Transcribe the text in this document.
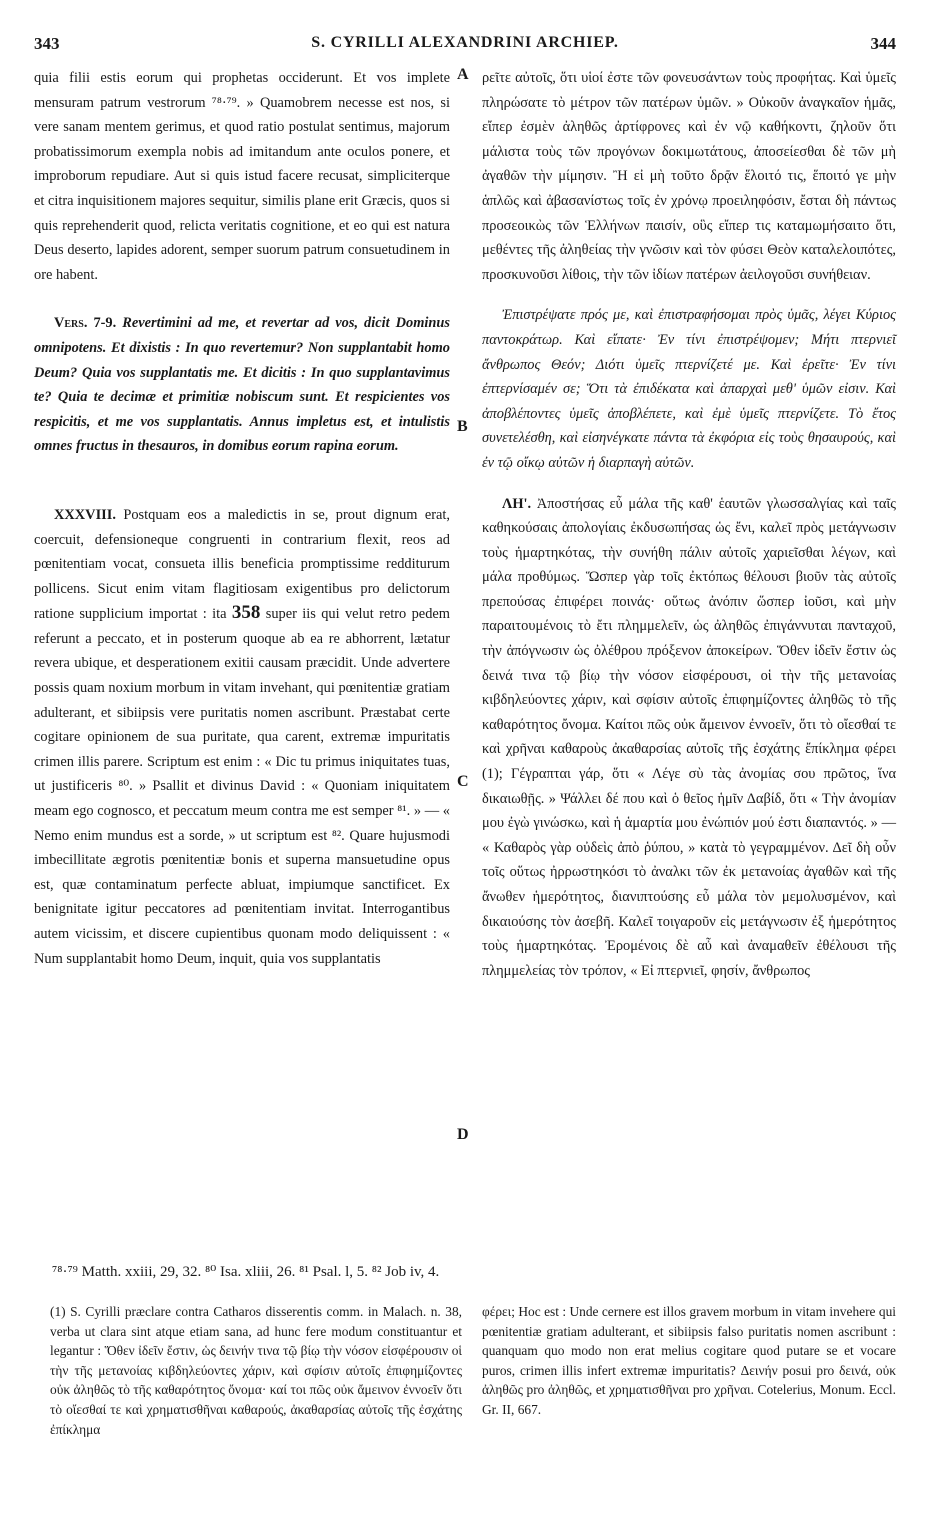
343	S. CYRILLI ALEXANDRINI ARCHIEP.	344

quia filii estis eorum qui prophetas occiderunt. Et vos implete mensuram patrum vestrorum ⁷⁸·⁷⁹. » Quamobrem necesse est nos, si vere sanam mentem gerimus, et quod ratio postulat sentimus, majorum probatissimorum exempla nobis ad imitandum ante oculos ponere, et improborum repudiare. Aut si quis istud facere recusat, simpliciterque et citra inquisitionem majores sequitur, similis plane erit Græcis, quos si quis reprehenderit quod, relicta veritatis cognitione, et eo qui est natura Deus deserto, lapides adorent, semper suorum patrum consuetudinem in ore habent.

Vers. 7-9. Revertimini ad me, et revertar ad vos, dicit Dominus omnipotens. Et dixistis : In quo revertemur? Non supplantabit homo Deum? Quia vos supplantatis me. Et dicitis : In quo supplantavimus te? Quia te decimæ et primitiæ nobiscum sunt. Et respicientes vos respicitis, et me vos supplantatis. Annus impletus est, et intulistis omnes fructus in thesauros, in domibus eorum rapina eorum.

XXXVIII. Postquam eos a maledictis in se, prout dignum erat, coercuit, defensioneque congruenti in contrarium flexit, reos ad pœnitentiam vocat, consueta illis beneficia promptissime redditurum pollicens. Sicut enim vitam flagitiosam exigentibus pro delictorum ratione supplicium importat : ita 358 super iis qui velut retro pedem referunt a peccato, et in posterum quoque ab ea re abhorrent, lætatur revera ubique, et desperationem exitii causam præcidit. Unde advertere possis quam noxium morbum in vitam invehant, qui pœnitentiæ gratiam adulterant, et sibiipsis vere puritatis nomen ascribunt. Præstabat certe cogitare opinionem de sua puritate, qua carent, extremæ impuritatis crimen illis parere. Scriptum est enim : « Dic tu primus iniquitates tuas, ut justificeris ⁸⁰. » Psallit et divinus David : « Quoniam iniquitatem meam ego cognosco, et peccatum meum contra me est semper ⁸¹. » — « Nemo enim mundus est a sorde, » ut scriptum est ⁸². Quare hujusmodi imbecillitate ægrotis pœnitentiæ bonis et superna mansuetudine opus est, quæ contaminatum perfecte abluat, impiumque sanctificet. Ex benignitate igitur peccatores ad pœnitentiam invitat. Interrogantibus autem vicissim, et discere cupientibus quonam modo deliquissent : « Num supplantabit homo Deum, inquit, quia vos supplantatis

A
B
C
D

ρεῖτε αὐτοῖς, ὅτι υἱοί ἐστε τῶν φονευσάντων τοὺς προφήτας. Καὶ ὑμεῖς πληρώσατε τὸ μέτρον τῶν πατέρων ὑμῶν. » Οὐκοῦν ἀναγκαῖον ἡμᾶς, εἴπερ ἐσμὲν ἀληθῶς ἀρτίφρονες καὶ ἐν νῷ καθήκοντι, ζηλοῦν ὅτι μάλιστα τοὺς τῶν προγόνων δοκιμωτάτους, ἀποσείεσθαι δὲ τῶν μὴ ἀγαθῶν τὴν μίμησιν. Ἢ εἰ μὴ τοῦτο δρᾷν ἕλοιτό τις, ἕποιτό γε μὴν ἁπλῶς καὶ ἀβασανίστως τοῖς ἐν χρόνῳ προειληφόσιν, ἔσται δὴ πάντως προσεοικὼς τῶν Ἑλλήνων παισίν, οὓς εἴπερ τις καταμωμήσαιτο ὅτι, μεθέντες τῆς ἀληθείας τὴν γνῶσιν καὶ τὸν φύσει Θεὸν καταλελοιπότες, προσκυνοῦσι λίθοις, τὴν τῶν ἰδίων πατέρων ἀειλογοῦσι συνήθειαν.

Ἐπιστρέψατε πρός με, καὶ ἐπιστραφήσομαι πρὸς ὑμᾶς, λέγει Κύριος παντοκράτωρ. Καὶ εἴπατε· Ἐν τίνι ἐπιστρέψομεν; Μήτι πτερνιεῖ ἄνθρωπος Θεόν; Διότι ὑμεῖς πτερνίζετέ με. Καὶ ἐρεῖτε· Ἐν τίνι ἐπτερνίσαμέν σε; Ὅτι τὰ ἐπιδέκατα καὶ ἀπαρχαὶ μεθ' ὑμῶν εἰσιν. Καὶ ἀποβλέποντες ὑμεῖς ἀποβλέπετε, καὶ ἐμὲ ὑμεῖς πτερνίζετε. Τὸ ἔτος συνετελέσθη, καὶ εἰσηνέγκατε πάντα τὰ ἐκφόρια εἰς τοὺς θησαυρούς, καὶ ἐν τῷ οἴκῳ αὐτῶν ἡ διαρπαγὴ αὐτῶν.

ΛΗ'. Ἀποστήσας εὖ μάλα τῆς καθ' ἑαυτῶν γλωσσαλγίας καὶ ταῖς καθηκούσαις ἀπολογίαις ἐκδυσωπήσας ὡς ἔνι, καλεῖ πρὸς μετάγνωσιν τοὺς ἡμαρτηκότας, τὴν συνήθη πάλιν αὐτοῖς χαριεῖσθαι λέγων, καὶ μάλα προθύμως. Ὥσπερ γὰρ τοῖς ἐκτόπως θέλουσι βιοῦν τὰς αὐτοῖς πρεπούσας ἐπιφέρει ποινάς· οὕτως ἀνόπιν ὥσπερ ἰοῦσι, καὶ μὴν παραιτουμένοις τὸ ἔτι πλημμελεῖν, ὡς ἀληθῶς ἐπιγάννυται πανταχοῦ, τὴν ἀπόγνωσιν ὡς ὀλέθρου πρόξενον ἀποκείρων. Ὅθεν ἰδεῖν ἔστιν ὡς δεινά τινα τῷ βίῳ τὴν νόσον εἰσφέρουσι, οἱ τὴν τῆς μετανοίας κιβδηλεύοντες χάριν, καὶ σφίσιν αὐτοῖς ἐπιφημίζοντες ἀληθῶς τὸ τῆς καθαρότητος ὄνομα. Καίτοι πῶς οὐκ ἄμεινον ἐννοεῖν, ὅτι τὸ οἴεσθαί τε καὶ χρῆναι καθαροὺς ἀκαθαρσίας αὐτοῖς τῆς ἐσχάτης ἔπίκλημα φέρει (1); Γέγραπται γάρ, ὅτι « Λέγε σὺ τὰς ἀνομίας σου πρῶτος, ἵνα δικαιωθῇς. » Ψάλλει δέ που καὶ ὁ θεῖος ἡμῖν Δαβίδ, ὅτι « Τὴν ἀνομίαν μου ἐγὼ γινώσκω, καὶ ἡ ἁμαρτία μου ἐνώπιόν μού ἐστι διαπαντός. » — « Καθαρὸς γὰρ οὐδεὶς ἀπὸ ῥύπου, » κατὰ τὸ γεγραμμένον. Δεῖ δὴ οὖν τοῖς οὕτως ἠρρωστηκόσι τὸ ἀναλκι τῶν ἐκ μετανοίας ἀγαθῶν καὶ τῆς ἄνωθεν ἡμερότητος, διανιπτούσης εὖ μάλα τὸν μεμολυσμένον, καὶ δικαιούσης τὸν ἀσεβῆ. Καλεῖ τοιγαροῦν εἰς μετάγνωσιν ἐξ ἡμερότητος τοὺς ἡμαρτηκότας. Ἐρομένοις δὲ αὖ καὶ ἀναμαθεῖν ἐθέλουσι τῆς πλημμελείας τὸν τρόπον, « Εἰ πτερνιεῖ, φησίν, ἄνθρωπος

⁷⁸·⁷⁹ Matth. xxiii, 29, 32. ⁸⁰ Isa. xliii, 26. ⁸¹ Psal. l, 5. ⁸² Job iv, 4.
(1) S. Cyrilli præclare contra Catharos disserentis comm. in Malach. n. 38, verba ut clara sint atque etiam sana, ad hunc fere modum constituantur et legantur : Ὅθεν ἰδεῖν ἔστιν, ὡς δεινήν τινα τῷ βίῳ τὴν νόσον εἰσφέρουσιν οἱ τὴν τῆς μετανοίας κιβδηλεύοντες χάριν, καὶ σφίσιν αὐτοῖς ἐπιφημίζοντες οὐκ ἀληθῶς τὸ τῆς καθαρότητος ὄνομα· καί τοι πῶς οὐκ ἄμεινον ἐννοεῖν ὅτι τὸ οἴεσθαί τε καὶ χρηματισθῆναι καθαρούς, ἀκαθαρσίας αὐτοῖς τῆς ἐσχάτης ἐπίκλημα
φέρει; Hoc est : Unde cernere est illos gravem morbum in vitam invehere qui pœnitentiæ gratiam adulterant, et sibiipsis falso puritatis nomen ascribunt : quanquam quo modo non erat melius cogitare quod putare se et vocare puros, crimen illis infert extremæ impuritatis? Δεινήν posui pro δεινά, οὐκ ἀληθῶς pro ἀληθῶς, et χρηματισθῆναι pro χρῆναι. Cotelerius, Monum. Eccl. Gr. II, 667.
